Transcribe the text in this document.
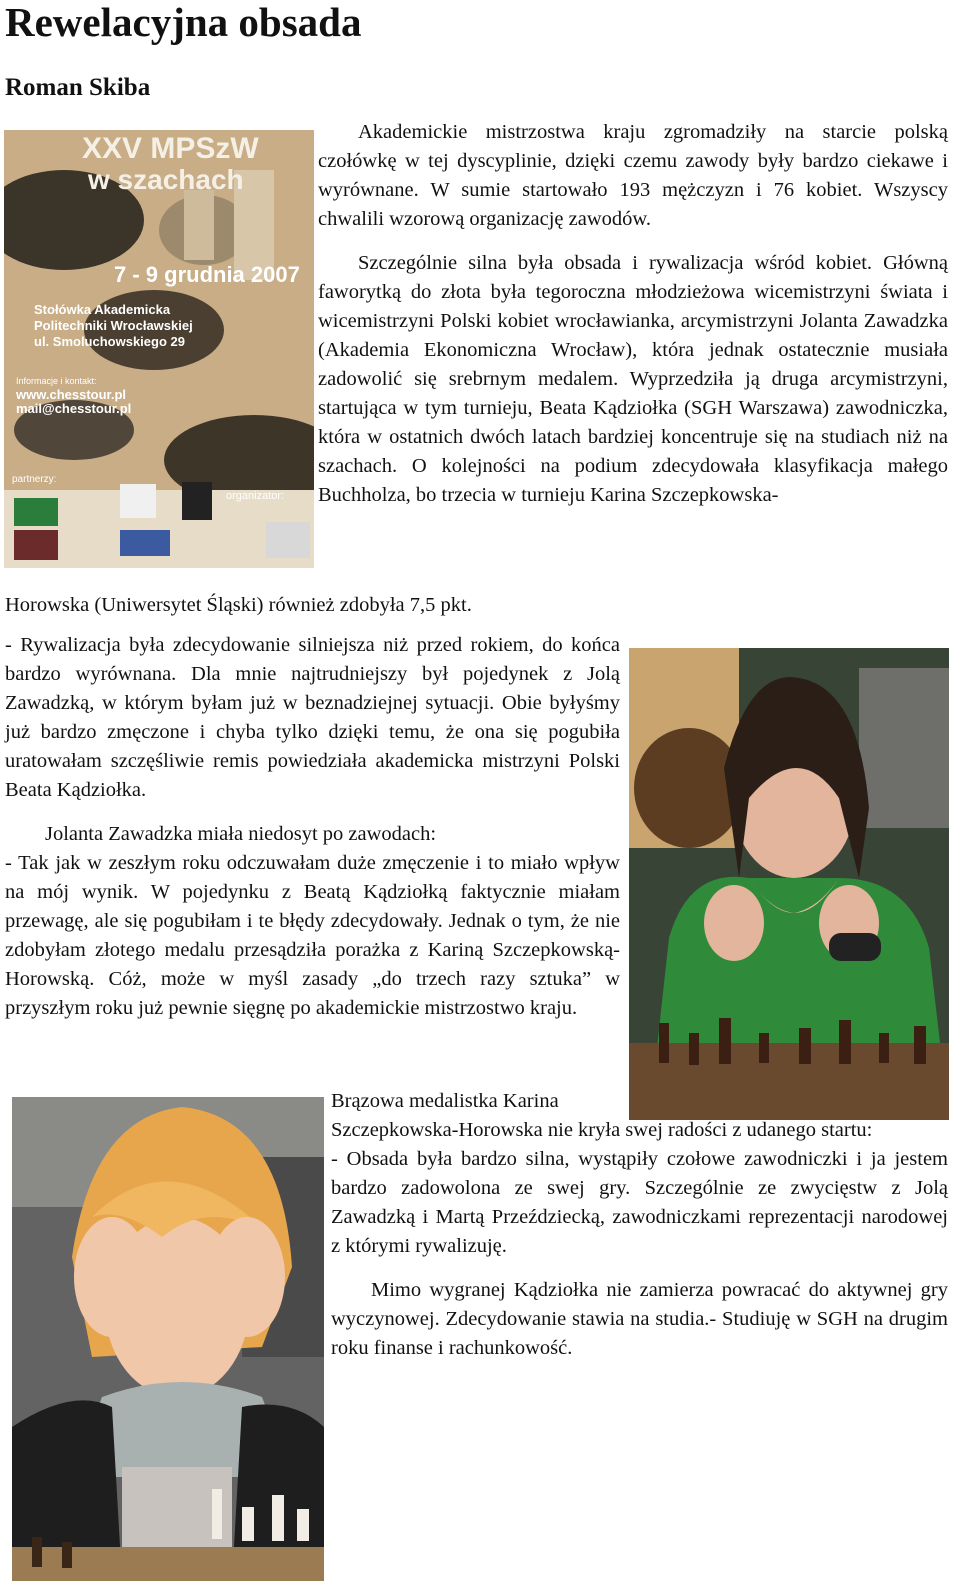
Rewelacyjna obsada
Roman Skiba
XXV MPSzW
w szachach
7 - 9 grudnia 2007
Stołówka Akademicka
Politechniki Wrocławskiej
ul. Smoluchowskiego 29
Informacje i kontakt:
www.chesstour.pl
mail@chesstour.pl
partnerzy:
organizator:

Akademickie mistrzostwa kraju zgromadziły na starcie polską czołówkę w tej dyscyplinie, dzięki czemu zawody były bardzo ciekawe i wyrównane. W sumie startowało 193 mężczyzn i 76 kobiet. Wszyscy chwalili wzorową organizację zawodów.

Szczególnie silna była obsada i rywalizacja wśród kobiet. Główną faworytką do złota była tegoroczna młodzieżowa wicemistrzyni świata i wicemistrzyni Polski kobiet wrocławianka, arcymistrzyni Jolanta Zawadzka (Akademia Ekonomiczna Wrocław), która jednak ostatecznie musiała zadowolić się srebrnym medalem. Wyprzedziła ją druga arcymistrzyni, startująca w tym turnieju, Beata Kądziołka (SGH Warszawa) zawodniczka, która w ostatnich dwóch latach bardziej koncentruje się na studiach niż na szachach. O kolejności na podium zdecydowała klasyfikacja małego Buchholza, bo trzecia w turnieju Karina Szczepkowska-

Horowska (Uniwersytet Śląski) również zdobyła 7,5 pkt.

- Rywalizacja była zdecydowanie silniejsza niż przed rokiem, do końca bardzo wyrównana. Dla mnie najtrudniejszy był pojedynek z Jolą Zawadzką, w którym byłam już w beznadziejnej sytuacji. Obie byłyśmy już bardzo zmęczone i chyba tylko dzięki temu, że ona się pogubiła uratowałam szczęśliwie remis powiedziała akademicka mistrzyni Polski Beata Kądziołka.

Jolanta Zawadzka miała niedosyt po zawodach:

- Tak jak w zeszłym roku odczuwałam duże zmęczenie i to miało wpływ na mój wynik. W pojedynku z Beatą Kądziołką faktycznie miałam przewagę, ale się pogubiłam i te błędy zdecydowały. Jednak o tym, że nie zdobyłam złotego medalu przesądziła porażka z Kariną Szczepkowską-Horowską. Cóż, może w myśl zasady „do trzech razy sztuka” w przyszłym roku już pewnie sięgnę po akademickie mistrzostwo kraju.

Brązowa medalistka Karina

Szczepkowska-Horowska nie kryła swej radości z udanego startu:

- Obsada była bardzo silna, wystąpiły czołowe zawodniczki i ja jestem bardzo zadowolona ze swej gry. Szczególnie ze zwycięstw z Jolą Zawadzką i Martą Przeździecką, zawodniczkami reprezentacji narodowej z którymi rywalizuję.

Mimo wygranej Kądziołka nie zamierza powracać do aktywnej gry wyczynowej. Zdecydowanie stawia na studia.- Studiuję w SGH na drugim roku finanse i rachunkowość.
